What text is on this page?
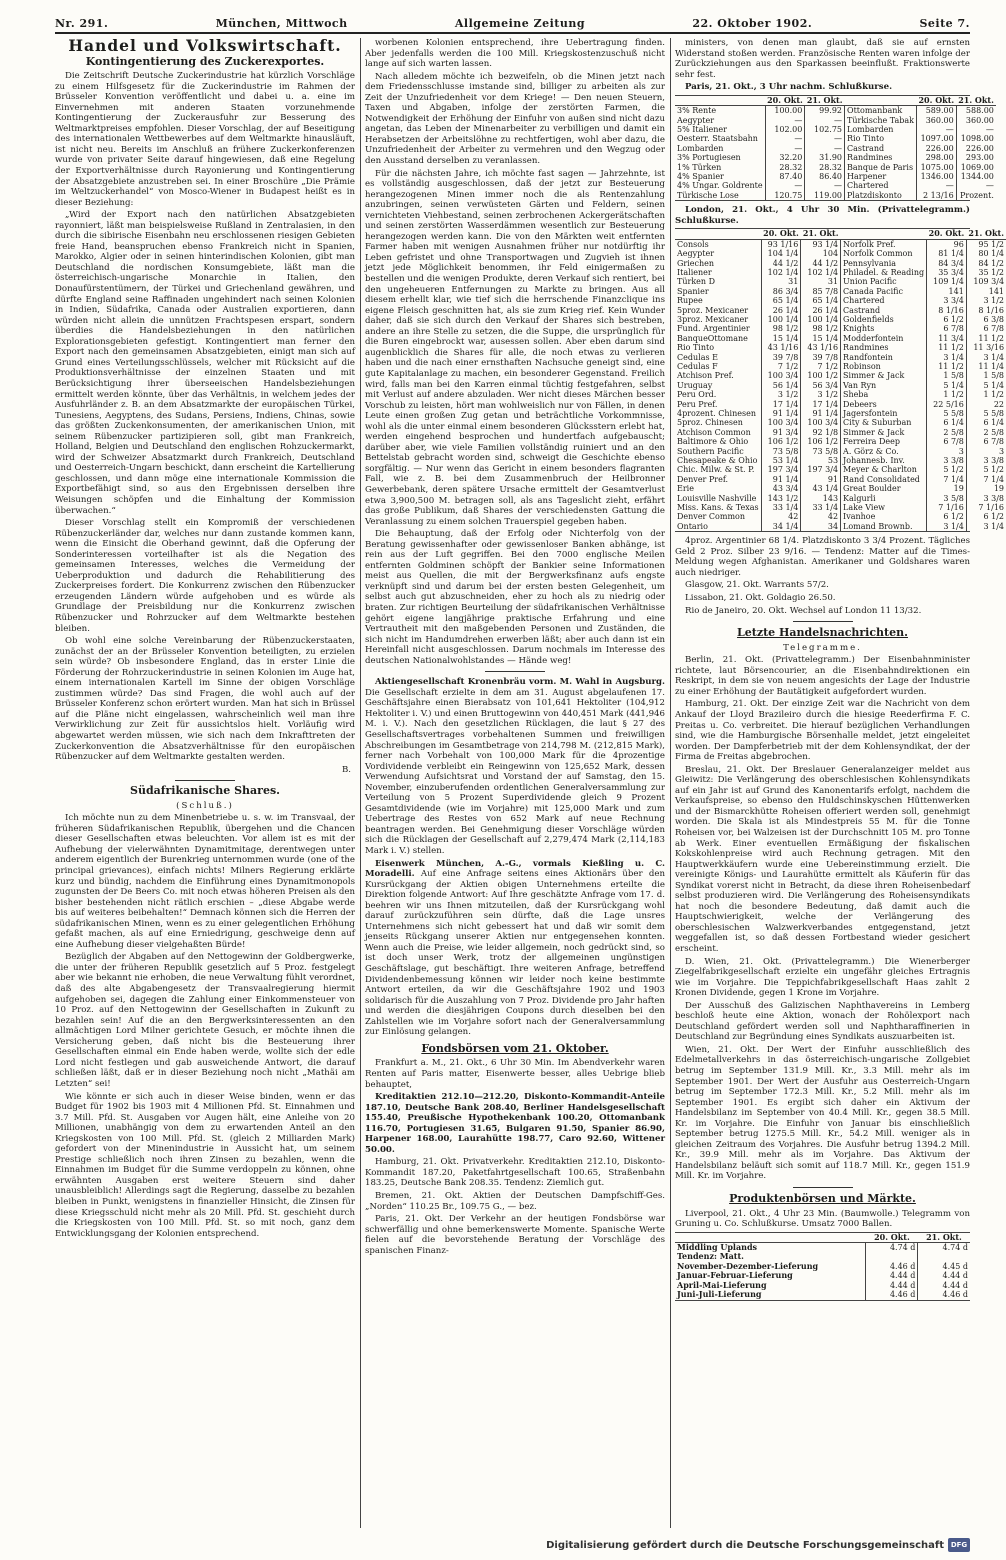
Nr. 291.	München, Mittwoch	Allgemeine Zeitung	22. Oktober 1902.	Seite 7.
Handel und Volkswirtschaft.
Kontingentierung des Zuckerexportes.

Die Zeitschrift Deutsche Zuckerindustrie hat kürzlich Vorschläge zu einem Hilfsgesetz für die Zuckerindustrie im Rahmen der Brüsseler Konvention veröffentlicht und dabei u. a. eine im Einvernehmen mit anderen Staaten vorzunehmende Kontingentierung der Zuckerausfuhr zur Besserung des Weltmarktpreises empfohlen. Dieser Vorschlag, der auf Beseitigung des internationalen Wettbewerbes auf dem Weltmarkte hinausläuft, ist nicht neu. Bereits im Anschluß an frühere Zuckerkonferenzen wurde von privater Seite darauf hingewiesen, daß eine Regelung der Exportverhältnisse durch Rayonierung und Kontingentierung der Absatzgebiete anzustreben sei. In einer Broschüre „Die Prämie im Weltzuckerhandel“ von Mosco-Wiener in Budapest heißt es in dieser Beziehung:

„Wird der Export nach den natürlichen Absatzgebieten rayonniert, läßt man beispielsweise Rußland in Zentralasien, in den durch die sibirische Eisenbahn neu erschlossenen riesigen Gebieten freie Hand, beanspruchen ebenso Frankreich nicht in Spanien, Marokko, Algier oder in seinen hinterindischen Kolonien, gibt man Deutschland die nordischen Konsumgebiete, läßt man die österreichisch-ungarische Monarchie in Italien, den Donaufürstentümern, der Türkei und Griechenland gewähren, und dürfte England seine Raffinaden ungehindert nach seinen Kolonien in Indien, Südafrika, Canada oder Australien exportieren, dann würden nicht allein die unnützen Frachtspesen erspart, sondern überdies die Handelsbeziehungen in den natürlichen Explorationsgebieten gefestigt. Kontingentiert man ferner den Export nach den gemeinsamen Absatzgebieten, einigt man sich auf Grund eines Verteilungsschlüssels, welcher mit Rücksicht auf die Produktionsverhältnisse der einzelnen Staaten und mit Berücksichtigung ihrer überseeischen Handelsbeziehungen ermittelt werden könnte, über das Verhältnis, in welchem jedes der Ausfuhrländer z. B. an dem Absatzmarkte der europäischen Türkei, Tunesiens, Aegyptens, des Sudans, Persiens, Indiens, Chinas, sowie das größten Zuckenkonsumenten, der amerikanischen Union, mit seinem Rübenzucker partizipieren soll, gibt man Frankreich, Holland, Belgien und Deutschland den englischen Rohzuckermarkt, wird der Schweizer Absatzmarkt durch Frankreich, Deutschland und Oesterreich-Ungarn beschickt, dann erscheint die Kartellierung geschlossen, und dann möge eine internationale Kommission die Exportbefähigt sind, so aus den Ergebnissen derselben ihre Weisungen schöpfen und die Einhaltung der Kommission überwachen.“

Dieser Vorschlag stellt ein Kompromiß der verschiedenen Rübenzuckerländer dar, welches nur dann zustande kommen kann, wenn die Einsicht die Oberhand gewinnt, daß die Opferung der Sonderinteressen vorteilhafter ist als die Negation des gemeinsamen Interesses, welches die Vermeidung der Ueberproduktion und dadurch die Rehabilitierung des Zuckerpreises fordert. Die Konkurrenz zwischen den Rübenzucker erzeugenden Ländern würde aufgehoben und es würde als Grundlage der Preisbildung nur die Konkurrenz zwischen Rübenzucker und Rohrzucker auf dem Weltmarkte bestehen bleiben.

Ob wohl eine solche Vereinbarung der Rübenzuckerstaaten, zunächst der an der Brüsseler Konvention beteiligten, zu erzielen sein würde? Ob insbesondere England, das in erster Linie die Förderung der Rohrzuckerindustrie in seinen Kolonien im Auge hat, einem internationalen Kartell im Sinne der obigen Vorschläge zustimmen würde? Das sind Fragen, die wohl auch auf der Brüsseler Konferenz schon erörtert wurden. Man hat sich in Brüssel auf die Pläne nicht eingelassen, wahrscheinlich weil man ihre Verwirklichung zur Zeit für aussichtslos hielt. Vorläufig wird abgewartet werden müssen, wie sich nach dem Inkrafttreten der Zuckerkonvention die Absatzverhältnisse für den europäischen Rübenzucker auf dem Weltmarkte gestalten werden.

B.
Südafrikanische Shares.
(Schluß.)

Ich möchte nun zu dem Minenbetriebe u. s. w. im Transvaal, der früheren Südafrikanischen Republik, übergehen und die Chancen dieser Gesellschaften etwas beleuchten. Vor allem ist es mit der Aufhebung der vielerwähnten Dynamitmitage, derentwegen unter anderem eigentlich der Burenkrieg unternommen wurde (one of the principal grievances), einfach nichts! Milners Regierung erklärte kurz und bündig, nachdem die Einführung eines Dynamitmonopols zugunsten der De Beers Co. mit noch etwas höheren Preisen als den bisher bestehenden nicht rätlich erschien – „diese Abgabe werde bis auf weiteres beibehalten!“ Demnach können sich die Herren der südafrikanischen Minen, wenn es zu einer gelegentlichen Erhöhung gefaßt machen, als auf eine Erniedrigung, geschweige denn auf eine Aufhebung dieser vielgehaßten Bürde!

Bezüglich der Abgaben auf den Nettogewinn der Goldbergwerke, die unter der früheren Republik gesetzlich auf 5 Proz. festgelegt aber wie bekannt nie erhoben, die neue Verwaltung fühlt verordnet, daß des alte Abgabengesetz der Transvaalregierung hiermit aufgehoben sei, dagegen die Zahlung einer Einkommensteuer von 10 Proz. auf den Nettogewinn der Gesellschaften in Zukunft zu bezahlen sein! Auf die an den Bergwerksinteressenten an den allmächtigen Lord Milner gerichtete Gesuch, er möchte ihnen die Versicherung geben, daß nicht bis die Besteuerung ihrer Gesellschaften einmal ein Ende haben werde, wollte sich der edle Lord nicht festlegen und gab ausweichende Antwort, die darauf schließen läßt, daß er in dieser Beziehung noch nicht „Mathäi am Letzten“ sei!

Wie könnte er sich auch in dieser Weise binden, wenn er das Budget für 1902 bis 1903 mit 4 Millionen Pfd. St. Einnahmen und 3.7 Mill. Pfd. St. Ausgaben vor Augen hält, eine Anleihe von 20 Millionen, unabhängig von dem zu erwartenden Anteil an den Kriegskosten von 100 Mill. Pfd. St. (gleich 2 Milliarden Mark) gefordert von der Minenindustrie in Aussicht hat, um seinem Prestige schließlich noch ihren Zinsen zu bezahlen, wenn die Einnahmen im Budget für die Summe verdoppeln zu können, ohne erwähnten Ausgaben erst weitere Steuern sind daher unausbleiblich! Allerdings sagt die Regierung, dasselbe zu bezahlen bleiben in Punkt, wenigstens in finanzieller Hinsicht, die Zinsen für diese Kriegsschuld nicht mehr als 20 Mill. Pfd. St. geschieht durch die Kriegskosten von 100 Mill. Pfd. St. so mit noch, ganz dem Entwicklungsgang der Kolonien entsprechend.

worbenen Kolonien entsprechend, ihre Uebertragung finden. Aber jedenfalls werden die 100 Mill. Kriegskostenzuschuß nicht lange auf sich warten lassen.

Nach alledem möchte ich bezweifeln, ob die Minen jetzt nach dem Friedensschlusse imstande sind, billiger zu arbeiten als zur Zeit der Unzufriedenheit vor dem Kriege! — Den neuen Steuern, Taxen und Abgaben, infolge der zerstörten Farmen, die Notwendigkeit der Erhöhung der Einfuhr von außen sind nicht dazu angetan, das Leben der Minenarbeiter zu verbilligen und damit ein Herabsetzen der Arbeitslöhne zu rechtfertigen, wohl aber dazu, die Unzufriedenheit der Arbeiter zu vermehren und den Wegzug oder den Ausstand derselben zu veranlassen.

Für die nächsten Jahre, ich möchte fast sagen — Jahrzehnte, ist es vollständig ausgeschlossen, daß der jetzt zur Besteuerung herangezogenen Minen immer noch die als Rentenzahlung anzubringen, seinen verwüsteten Gärten und Feldern, seinen vernichteten Viehbestand, seinen zerbrochenen Ackergerätschaften und seinen zerstörten Wasserdämmen wesentlich zur Besteuerung herangezogen werden kann. Die von den Märkten weit entfernten Farmer haben mit wenigen Ausnahmen früher nur notdürftig ihr Leben gefristet und ohne Transportwagen und Zugvieh ist ihnen jetzt jede Möglichkeit benommen, ihr Feld einigermaßen zu bestellen und die wenigen Produkte, deren Verkauf sich rentiert, bei den ungeheueren Entfernungen zu Markte zu bringen. Aus all diesem erhellt klar, wie tief sich die herrschende Finanzclique ins eigene Fleisch geschnitten hat, als sie zum Krieg rief. Kein Wunder daher, daß sie sich durch den Verkauf der Shares sich bestreben, andere an ihre Stelle zu setzen, die die Suppe, die ursprünglich für die Buren eingebrockt war, ausessen sollen. Aber eben darum sind augenblicklich die Shares für alle, die noch etwas zu verlieren haben und die nach einer ernsthaften Nachsuche geneigt sind, eine gute Kapitalanlage zu machen, ein besonderer Gegenstand. Freilich wird, falls man bei den Karren einmal tüchtig festgefahren, selbst mit Verlust auf andere abzuladen. Wer nicht dieses Märchen besser Vorschub zu leisten, hört man wohlweislich nur von Fällen, in denen Leute einen großen Zug getan und beträchtliche Vorkommnisse, wohl als die unter einmal einem besonderen Glücksstern erlebt hat, werden eingehend besprochen und hundertfach aufgebauscht; darüber aber, wie viele Familien vollständig ruiniert und an den Bettelstab gebracht worden sind, schweigt die Geschichte ebenso sorgfältig. — Nur wenn das Gericht in einem besonders flagranten Fall, wie z. B. bei dem Zusammenbruch der Heilbronner Gewerbebank, deren spätere Ursache ermittelt der Gesamtverlust etwa 3,900,500 M. betragen soll, als ans Tageslicht zieht, erfährt das große Publikum, daß Shares der verschiedensten Gattung die Veranlassung zu einem solchen Trauerspiel gegeben haben.

Die Behauptung, daß der Erfolg oder Nichterfolg von der Beratung gewissenhafter oder gewissenloser Banken abhänge, ist rein aus der Luft gegriffen. Bei den 7000 englische Meilen entfernten Goldminen schöpft der Bankier seine Informationen meist aus Quellen, die mit der Bergwerksfinanz aufs engste verknüpft sind und darum bei der ersten besten Gelegenheit, um selbst auch gut abzuschneiden, eher zu hoch als zu niedrig oder braten. Zur richtigen Beurteilung der südafrikanischen Verhältnisse gehört eigene langjährige praktische Erfahrung und eine Vertrautheit mit den maßgebenden Personen und Zuständen, die sich nicht im Handumdrehen erwerben läßt; aber auch dann ist ein Hereinfall nicht ausgeschlossen. Darum nochmals im Interesse des deutschen Nationalwohlstandes — Hände weg!

Aktiengesellschaft Kronenbräu vorm. M. Wahl in Augsburg. Die Gesellschaft erzielte in dem am 31. August abgelaufenen 17. Geschäftsjahre einen Bierabsatz von 101,641 Hektoliter (104,912 Hektoliter i. V.) und einen Bruttogewinn von 440,451 Mark (441,946 M. i. V.). Nach den gesetzlichen Rücklagen, die laut § 27 des Gesellschaftsvertrages vorbehaltenen Summen und freiwilligen Abschreibungen im Gesamtbetrage von 214,798 M. (212,815 Mark), ferner nach Vorbehalt von 100,000 Mark für die 4prozentige Vordividende verbleibt ein Reingewinn von 125,652 Mark, dessen Verwendung Aufsichtsrat und Vorstand der auf Samstag, den 15. November, einzuberufenden ordentlichen Generalversammlung zur Verteilung von 5 Prozent Superdividende gleich 9 Prozent Gesamtdividende (wie im Vorjahre) mit 125,000 Mark und zum Uebertrage des Restes von 652 Mark auf neue Rechnung beantragen werden. Bei Genehmigung dieser Vorschläge würden sich die Rücklagen der Gesellschaft auf 2,279,474 Mark (2,114,183 Mark i. V.) stellen.

Eisenwerk München, A.-G., vormals Kießling u. C. Moradelli. Auf eine Anfrage seitens eines Aktionärs über den Kursrückgang der Aktien obigen Unternehmens erteilte die Direktion folgende Antwort: Auf Ihre geschätzte Anfrage vom 17. d. beehren wir uns Ihnen mitzuteilen, daß der Kursrückgang wohl darauf zurückzuführen sein dürfte, daß die Lage unsres Unternehmens sich nicht gebessert hat und daß wir somit dem jenseits Rückgang unserer Aktien nur entgegensehen konnten. Wenn auch die Preise, wie leider allgemein, noch gedrückt sind, so ist doch unser Werk, trotz der allgemeinen ungünstigen Geschäftslage, gut beschäftigt. Ihre weiteren Anfrage, betreffend Dividendenbemessung können wir leider noch keine bestimmte Antwort erteilen, da wir die Geschäftsjahre 1902 und 1903 solidarisch für die Auszahlung von 7 Proz. Dividende pro Jahr haften und werden die diesjährigen Coupons durch dieselben bei den Zahlstellen wie im Vorjahre sofort nach der Generalversammlung zur Einlösung gelangen.

Fondsbörsen vom 21. Oktober.

Frankfurt a. M., 21. Okt., 6 Uhr 30 Min. Im Abendverkehr waren Renten auf Paris matter, Eisenwerte besser, alles Uebrige blieb behauptet,

Kreditaktien 212.10—212.20, Diskonto-Kommandit-Anteile 187.10, Deutsche Bank 208.40, Berliner Handelsgesellschaft 155.40, Preußische Hypothekenbank 100.20, Ottomanbank 116.70, Portugiesen 31.65, Bulgaren 91.50, Spanier 86.90, Harpener 168.00, Laurahütte 198.77, Caro 92.60, Wittener 50.00.

Hamburg, 21. Okt. Privatverkehr. Kreditaktien 212.10, Diskonto-Kommandit 187.20, Paketfahrtgesellschaft 100.65, Straßenbahn 183.25, Deutsche Bank 208.35. Tendenz: Ziemlich gut.

Bremen, 21. Okt. Aktien der Deutschen Dampfschiff-Ges. „Norden“ 110.25 Br., 109.75 G., — bez.

Paris, 21. Okt. Der Verkehr an der heutigen Fondsbörse war schwerfällig und ohne bemerkenswerte Momente. Spanische Werte fielen auf die bevorstehende Beratung der Vorschläge des spanischen Finanz-

ministers, von denen man glaubt, daß sie auf ernsten Widerstand stoßen werden. Französische Renten waren infolge der Zurückziehungen aus den Sparkassen beeinflußt. Fraktionswerte sehr fest.

Paris, 21. Okt., 3 Uhr nachm. Schlußkurse.

	20. Okt.	21. Okt.		20. Okt.	21. Okt.
3% Rente	100.00	99.92	Ottomanbank	589.00	588.00
Aegypter	—	—	Türkische Tabak	360.00	360.00
5% Italiener	102.00	102.75	Lombarden	—	—
Oesterr. Staatsbahn	—	—	Rio Tinto	1097.00	1098.00
Lombarden	—	—	Castrand	226.00	226.00
3% Portugiesen	32.20	31.90	Randmines	298.00	293.00
1% Türken	28.32	28.32	Banque de Paris	1075.00	1069.00
4% Spanier	87.40	86.40	Harpener	1346.00	1344.00
4% Ungar. Goldrente	—	—	Chartered	—	—
Türkische Lose	120.75	119.00	Platzdiskonto	2 13/16	Prozent.

London, 21. Okt., 4 Uhr 30 Min. (Privattelegramm.) Schlußkurse.

	20. Okt.	21. Okt.		20. Okt.	21. Okt.
Consols	93 1/16	93 1/4	Norfolk Pref.	96	95 1/2
Aegypter	104 1/4	104	Norfolk Common	81 1/4	80 1/4
Griechen	44 1/2	44 1/2	Pennsylvania	84 3/4	84 1/2
Italiener	102 1/4	102 1/4	Philadel. & Reading	35 3/4	35 1/2
Türken D	31	31	Union Pacific	109 1/4	109 3/4
Spanier	86 3/4	85 7/8	Canada Pacific	141	141
Rupee	65 1/4	65 1/4	Chartered	3 3/4	3 1/2
5proz. Mexicaner	26 1/4	26 1/4	Castrand	8 1/16	8 1/16
3proz. Mexicaner	100 1/4	100 1/4	Goldenfields	6 1/2	6 3/8
Fund. Argentinier	98 1/2	98 1/2	Knights	6 7/8	6 7/8
BanqueOttomane	15 1/4	15 1/4	Modderfontein	11 3/4	11 1/2
Rio Tinto	43 1/16	43 1/16	Randmines	11 1/2	11 3/16
Cedulas E	39 7/8	39 7/8	Randfontein	3 1/4	3 1/4
Cedulas F	7 1/2	7 1/2	Robinson	11 1/2	11 1/4
Atchison Pref.	100 3/4	100 1/2	Simmer & Jack	1 5/8	1 5/8
Uruguay	56 1/4	56 3/4	Van Ryn	5 1/4	5 1/4
Peru Ord.	3 1/2	3 1/2	Sheba	1 1/2	1 1/2
Peru Pref.	17 1/4	17 1/4	Debeers	22 5/16	22
4prozent. Chinesen	91 1/4	91 1/4	Jagersfontein	5 5/8	5 5/8
5proz. Chinesen	100 3/4	100 3/4	City & Suburban	6 1/4	6 1/4
Atchison Common	91 3/4	92 1/8	Simmer & Jack	2 5/8	2 5/8
Baltimore & Ohio	106 1/2	106 1/2	Ferreira Deep	6 7/8	6 7/8
Southern Pacific	73 5/8	73 5/8	A. Görz & Co.	3	3
Chesapeake & Ohio	53 1/4	53	Johannesb. Inv.	3 3/8	3 3/8
Chic. Milw. & St. P.	197 3/4	197 3/4	Meyer & Charlton	5 1/2	5 1/2
Denver Pref.	91 1/4	91	Rand Consolidated	7 1/4	7 1/4
Erie	43 3/4	43 1/4	Great Boulder	19	19
Louisville Nashville	143 1/2	143	Kalgurli	3 5/8	3 3/8
Miss. Kans. & Texas	33 1/4	33 1/4	Lake View	7 1/16	7 1/16
Denver Common	42	42	Ivanhoe	6 1/2	6 1/2
Ontario	34 1/4	34	Lomand Brownb.	3 1/4	3 1/4

4proz. Argentinier 68 1/4. Platzdiskonto 3 3/4 Prozent. Tägliches Geld 2 Proz. Silber 23 9/16. — Tendenz: Matter auf die Times-Meldung wegen Afghanistan. Amerikaner und Goldshares waren auch niedriger.

Glasgow, 21. Okt. Warrants 57/2.

Lissabon, 21. Okt. Goldagio 26.50.

Rio de Janeiro, 20. Okt. Wechsel auf London 11 13/32.

Letzte Handelsnachrichten.
Telegramme.

Berlin, 21. Okt. (Privattelegramm.) Der Eisenbahnminister richtete, laut Börsencourier, an die Eisenbahndirektionen ein Reskript, in dem sie von neuem angesichts der Lage der Industrie zu einer Erhöhung der Bautätigkeit aufgefordert wurden.

Hamburg, 21. Okt. Der einzige Zeit war die Nachricht von dem Ankauf der Lloyd Brazileiro durch die hiesige Reederfirma F. C. Preitas u. Co. verbreitet. Die hierauf bezüglichen Verhandlungen sind, wie die Hamburgische Börsenhalle meldet, jetzt eingeleitet worden. Der Dampferbetrieb mit der dem Kohlensyndikat, der der Firma de Freitas abgebrochen.

Breslau, 21. Okt. Der Breslauer Generalanzeiger meldet aus Gleiwitz: Die Verlängerung des oberschlesischen Kohlensyndikats auf ein Jahr ist auf Grund des Kanonentarifs erfolgt, nachdem die Verkaufspreise, so ebenso den Huldschinskyschen Hüttenwerken und der Bismarckhütte Roheisen offeriert werden soll, genehmigt worden. Die Skala ist als Mindestpreis 55 M. für die Tonne Roheisen vor, bei Walzeisen ist der Durchschnitt 105 M. pro Tonne ab Werk. Einer eventuellen Ermäßigung der fiskalischen Kokskohlenpreise wird auch Rechnung getragen. Mit den Hauptwerkkäufern wurde eine Uebereinstimmung erzielt. Die vereinigte Königs- und Laurahütte ermittelt als Käuferin für das Syndikat vorerst nicht in Betracht, da diese ihren Roheisenbedarf selbst produzieren wird. Die Verlängerung des Roheisensyndikats hat noch die besondere Bedeutung, daß damit auch die Hauptschwierigkeit, welche der Verlängerung des oberschlesischen Walzwerkverbandes entgegenstand, jetzt weggefallen ist, so daß dessen Fortbestand wieder gesichert erscheint.

D. Wien, 21. Okt. (Privattelegramm.) Die Wienerberger Ziegelfabrikgesellschaft erzielte ein ungefähr gleiches Ertragnis wie im Vorjahre. Die Teppichfabrikgesellschaft Haas zahlt 2 Kronen Dividende, gegen 1 Krone im Vorjahre.

Der Ausschuß des Galizischen Naphthavereins in Lemberg beschloß heute eine Aktion, wonach der Rohölexport nach Deutschland gefördert werden soll und Naphtharaffinerien in Deutschland zur Begründung eines Syndikats auszuarbeiten ist.

Wien, 21. Okt. Der Wert der Einfuhr ausschließlich des Edelmetallverkehrs in das österreichisch-ungarische Zollgebiet betrug im September 131.9 Mill. Kr., 3.3 Mill. mehr als im September 1901. Der Wert der Ausfuhr aus Oesterreich-Ungarn betrug im September 172.3 Mill. Kr., 5.2 Mill. mehr als im September 1901. Es ergibt sich daher ein Aktivum der Handelsbilanz im September von 40.4 Mill. Kr., gegen 38.5 Mill. Kr. im Vorjahre. Die Einfuhr von Januar bis einschließlich September betrug 1275.5 Mill. Kr., 54.2 Mill. weniger als in gleichen Zeitraum des Vorjahres. Die Ausfuhr betrug 1394.2 Mill. Kr., 39.9 Mill. mehr als im Vorjahre. Das Aktivum der Handelsbilanz beläuft sich somit auf 118.7 Mill. Kr., gegen 151.9 Mill. Kr. im Vorjahre.

Produktenbörsen und Märkte.

Liverpool, 21. Okt., 4 Uhr 23 Min. (Baumwolle.) Telegramm von Gruning u. Co. Schlußkurse. Umsatz 7000 Ballen.

	20. Okt.	21. Okt.
Middling Uplands	4.74 d	4.74 d
Tendenz: Matt.		
November-Dezember-Lieferung	4.46 d	4.45 d
Januar-Februar-Lieferung	4.44 d	4.44 d
April-Mai-Lieferung	4.44 d	4.44 d
Juni-Juli-Lieferung	4.46 d	4.46 d
Digitalisierung gefördert durch die Deutsche Forschungsgemeinschaft DFG
